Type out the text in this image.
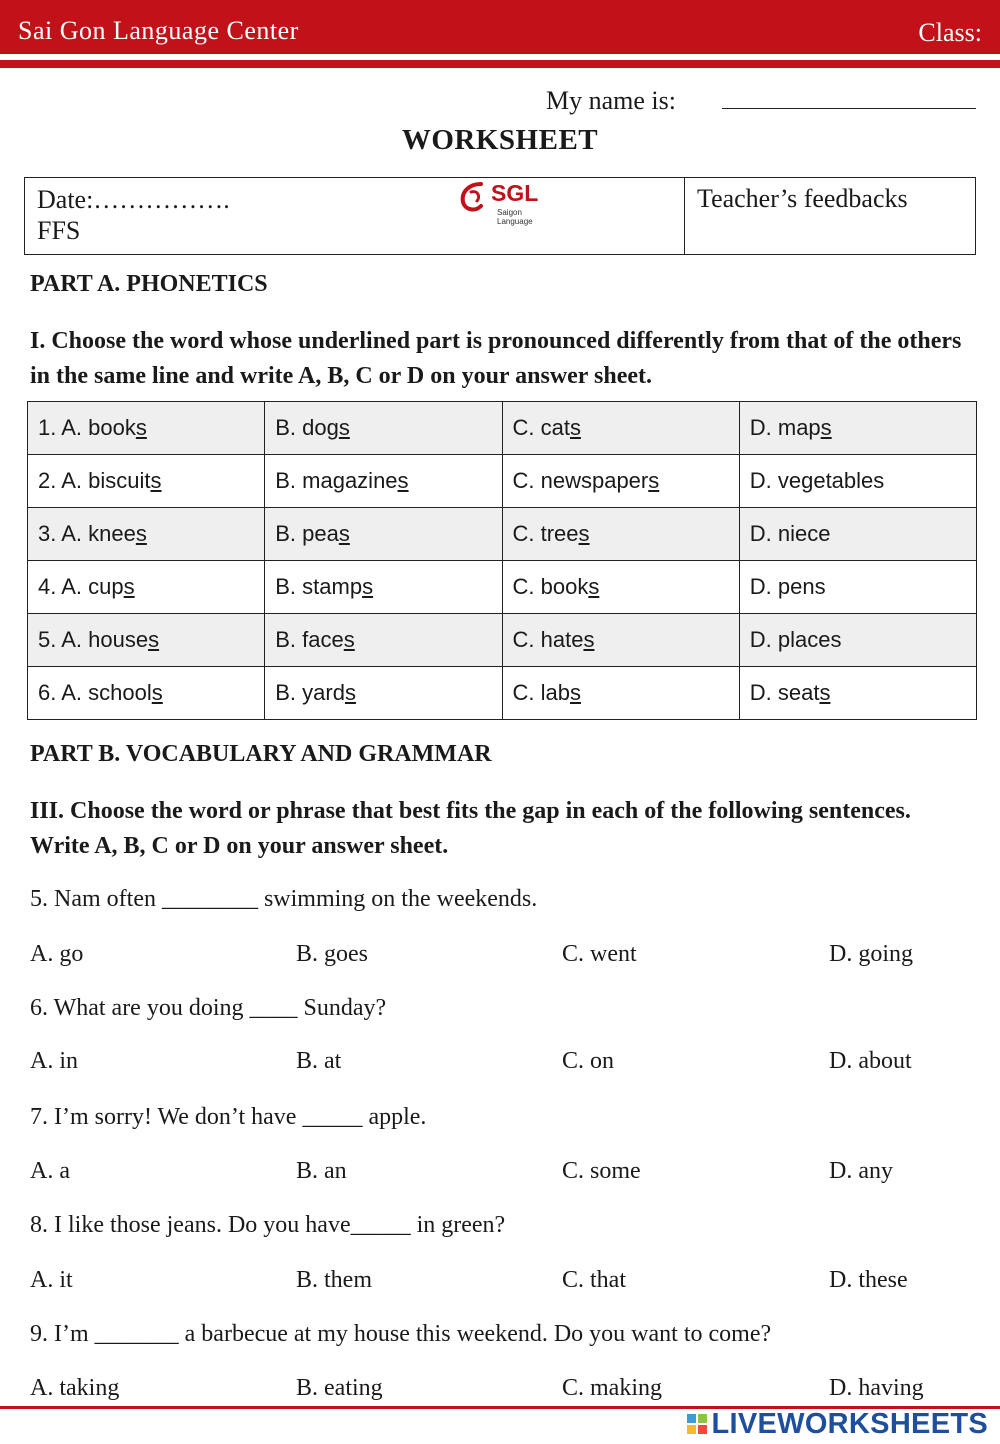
Sai Gon Language Center	Class:
My name is:
WORKSHEET
Date:…………….
FFS
SGL
Saigon Language
Teacher’s feedbacks
PART A. PHONETICS
I. Choose the word whose underlined part is pronounced differently from that of the others in the same line and write A, B, C or D on your answer sheet.
1. A. books	B. dogs	C. cats	D. maps
2. A. biscuits	B. magazines	C. newspapers	D. vegetables
3. A. knees	B. peas	C. trees	D. niece
4. A. cups	B. stamps	C. books	D. pens
5. A. houses	B. faces	C. hates	D. places
6. A. schools	B. yards	C. labs	D. seats
PART B. VOCABULARY AND GRAMMAR
III. Choose the word or phrase that best fits the gap in each of the following sentences. Write A, B, C or D on your answer sheet.
5. Nam often ________ swimming on the weekends.
A. go	B. goes	C. went	D. going
6. What are you doing ____ Sunday?
A. in	B. at	C. on	D. about
7. I’m sorry! We don’t have _____ apple.
A. a	B. an	C. some	D. any
8. I like those jeans. Do you have_____ in green?
A. it	B. them	C. that	D. these
9. I’m _______ a barbecue at my house this weekend. Do you want to come?
A. taking	B. eating	C. making	D. having
LIVEWORKSHEETS
